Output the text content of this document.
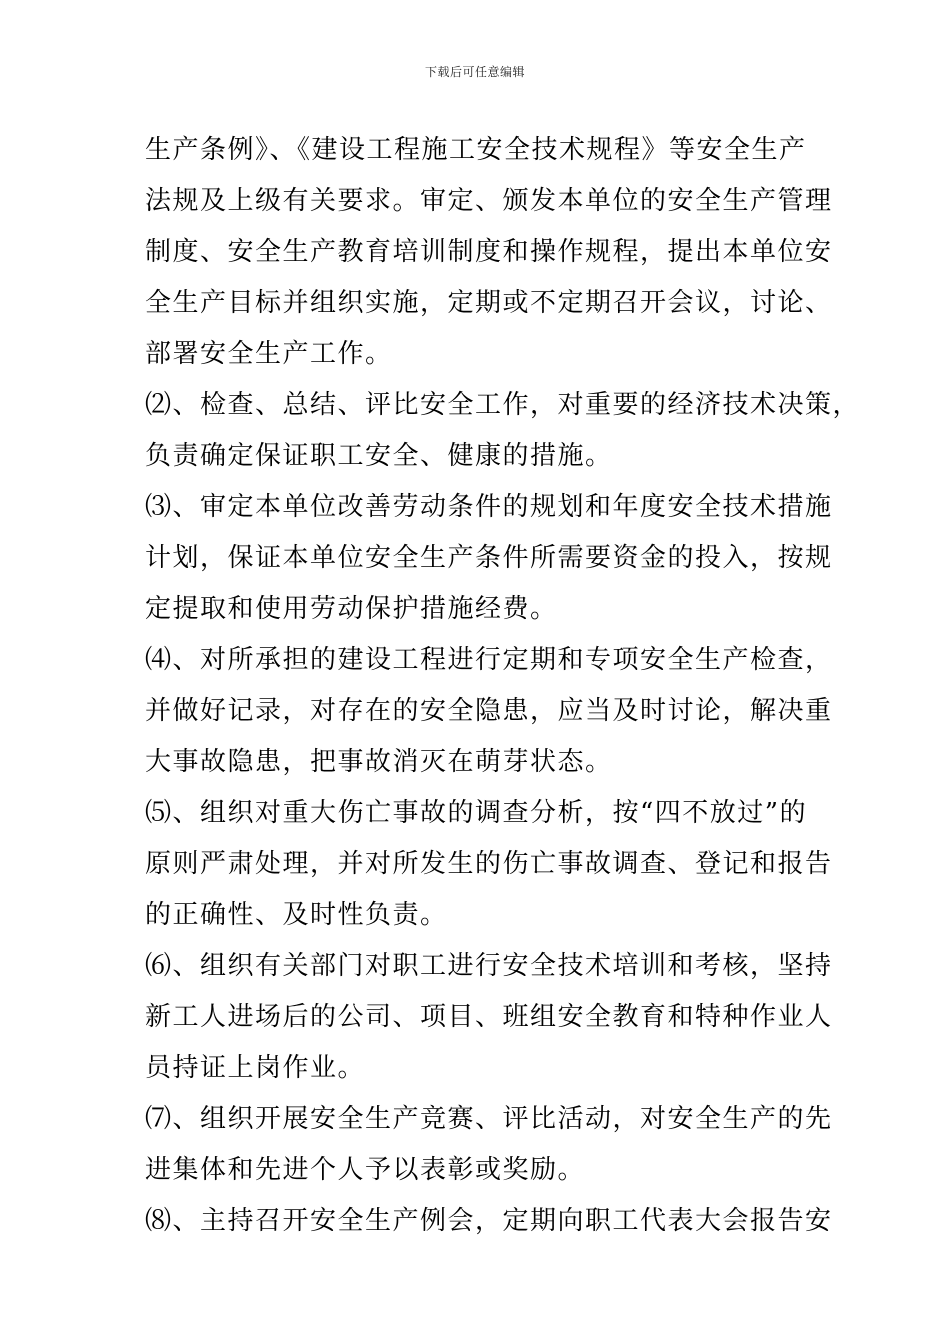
下载后可任意编辑

生产条例》、《建设工程施工安全技术规程》等安全生产

法规及上级有关要求。审定、颁发本单位的安全生产管理

制度、安全生产教育培训制度和操作规程，提出本单位安

全生产目标并组织实施，定期或不定期召开会议，讨论、

部署安全生产工作。

⑵、检查、总结、评比安全工作，对重要的经济技术决策，

负责确定保证职工安全、健康的措施。

⑶、审定本单位改善劳动条件的规划和年度安全技术措施

计划，保证本单位安全生产条件所需要资金的投入，按规

定提取和使用劳动保护措施经费。

⑷、对所承担的建设工程进行定期和专项安全生产检查，

并做好记录，对存在的安全隐患，应当及时讨论，解决重

大事故隐患，把事故消灭在萌芽状态。

⑸、组织对重大伤亡事故的调查分析，按“四不放过”的

原则严肃处理，并对所发生的伤亡事故调查、登记和报告

的正确性、及时性负责。

⑹、组织有关部门对职工进行安全技术培训和考核，坚持

新工人进场后的公司、项目、班组安全教育和特种作业人

员持证上岗作业。

⑺、组织开展安全生产竞赛、评比活动，对安全生产的先

进集体和先进个人予以表彰或奖励。

⑻、主持召开安全生产例会，定期向职工代表大会报告安
